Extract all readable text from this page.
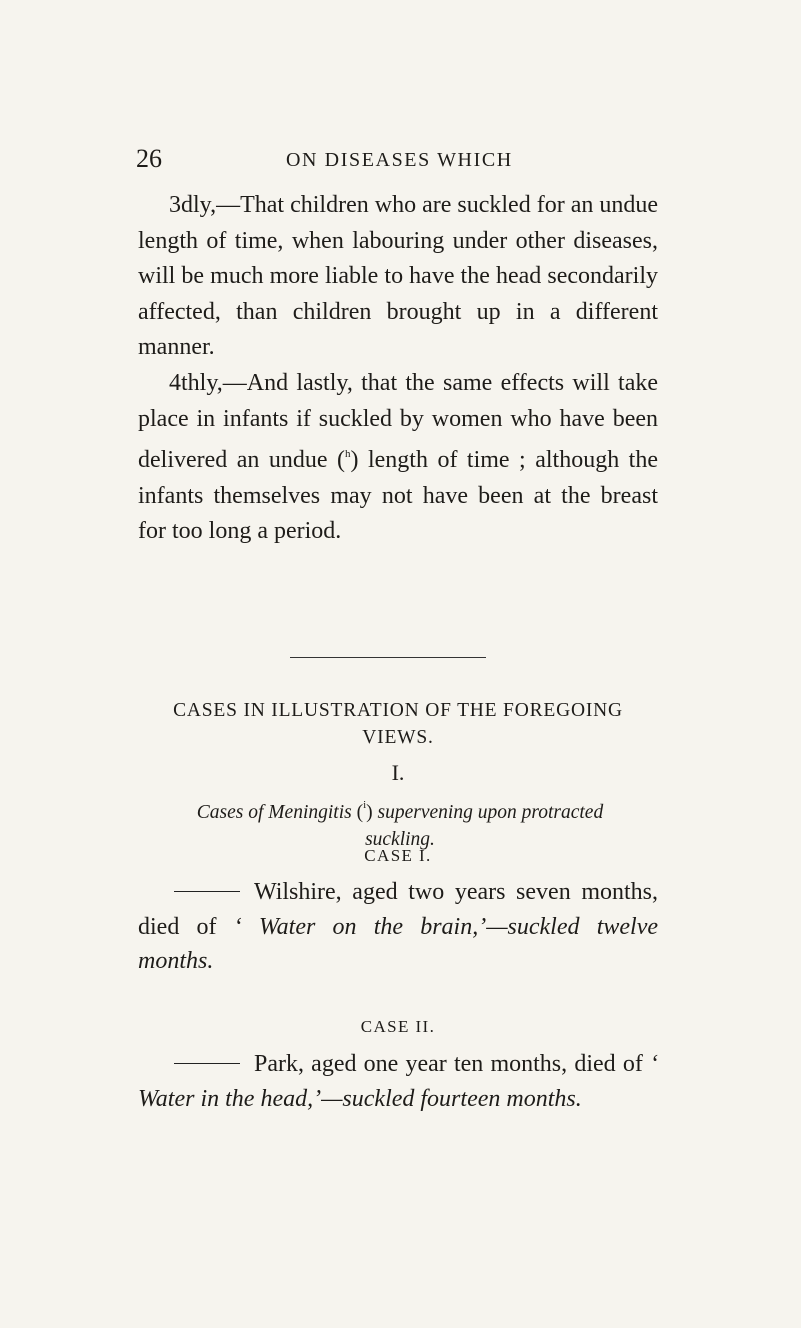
26	ON DISEASES WHICH

3dly,—That children who are suckled for an undue length of time, when labouring under other diseases, will be much more liable to have the head secondarily affected, than children brought up in a different manner.

4thly,—And lastly, that the same effects will take place in infants if suckled by women who have been delivered an undue ($^h$) length of time ; although the infants themselves may not have been at the breast for too long a period.

CASES IN ILLUSTRATION OF THE FOREGOING VIEWS.
I.
Cases of Meningitis ($^i$) supervening upon protracted suckling.
CASE I.

Wilshire, aged two years seven months, died of ‘ Water on the brain,’—suckled twelve months.

CASE II.

Park, aged one year ten months, died of ‘ Water in the head,’—suckled fourteen months.
